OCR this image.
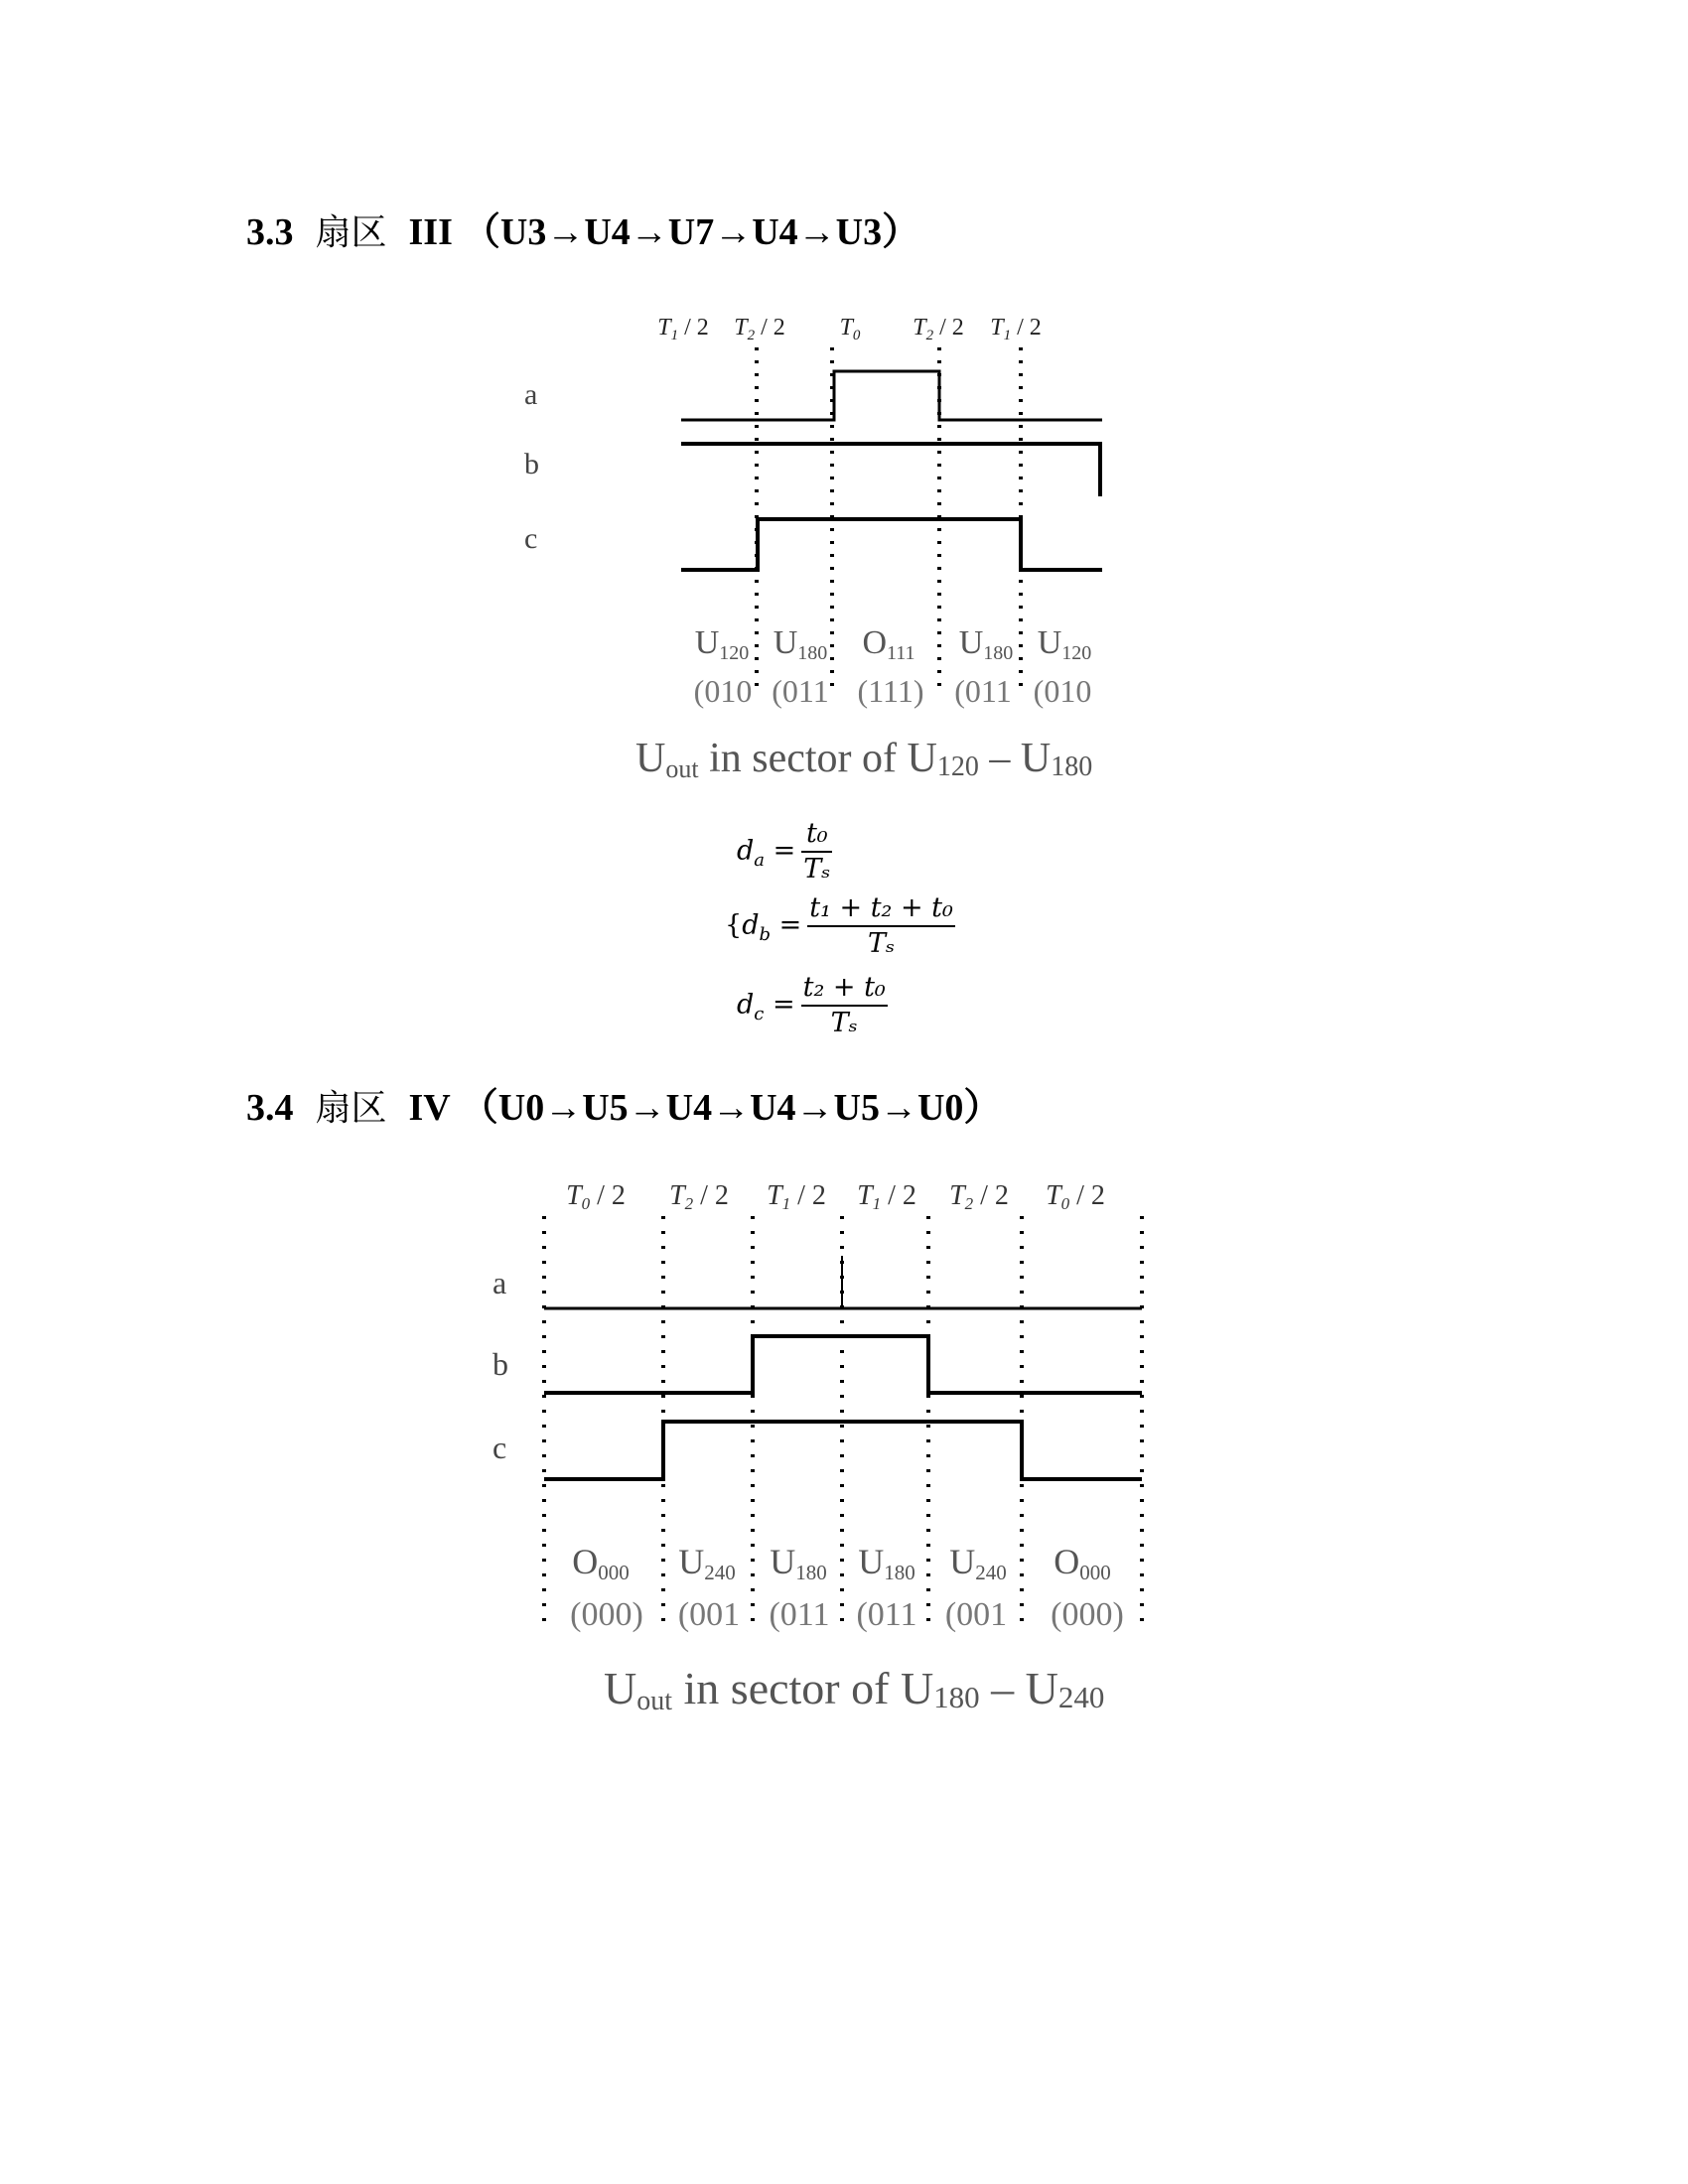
3.3 扇区 III （U3→U4→U7→U4→U3）
$T_1 / 2$ $T_2 / 2$ $T_0$ $T_2 / 2$ $T_1 / 2$
a
b
c
U120 U180 O111 U180 U120
(010 (011 (111) (011 (010
Uout in sector of U120 – U180
$d_a = \frac{\text{t₀}}{\text{Tₛ}}$
{$d_b = \frac{\text{t₁ + t₂ + t₀}}{\text{Tₛ}}$
$d_c = \frac{\text{t₂ + t₀}}{\text{Tₛ}}$
3.4 扇区 IV （U0→U5→U4→U4→U5→U0）
T0 / 2 T2 / 2 T1 / 2 T1 / 2 T2 / 2 T0 / 2
a
b
c
O000 U240 U180 U180 U240 O000
(000) (001 (011 (011 (001 (000)
Uout in sector of U180 – U240
